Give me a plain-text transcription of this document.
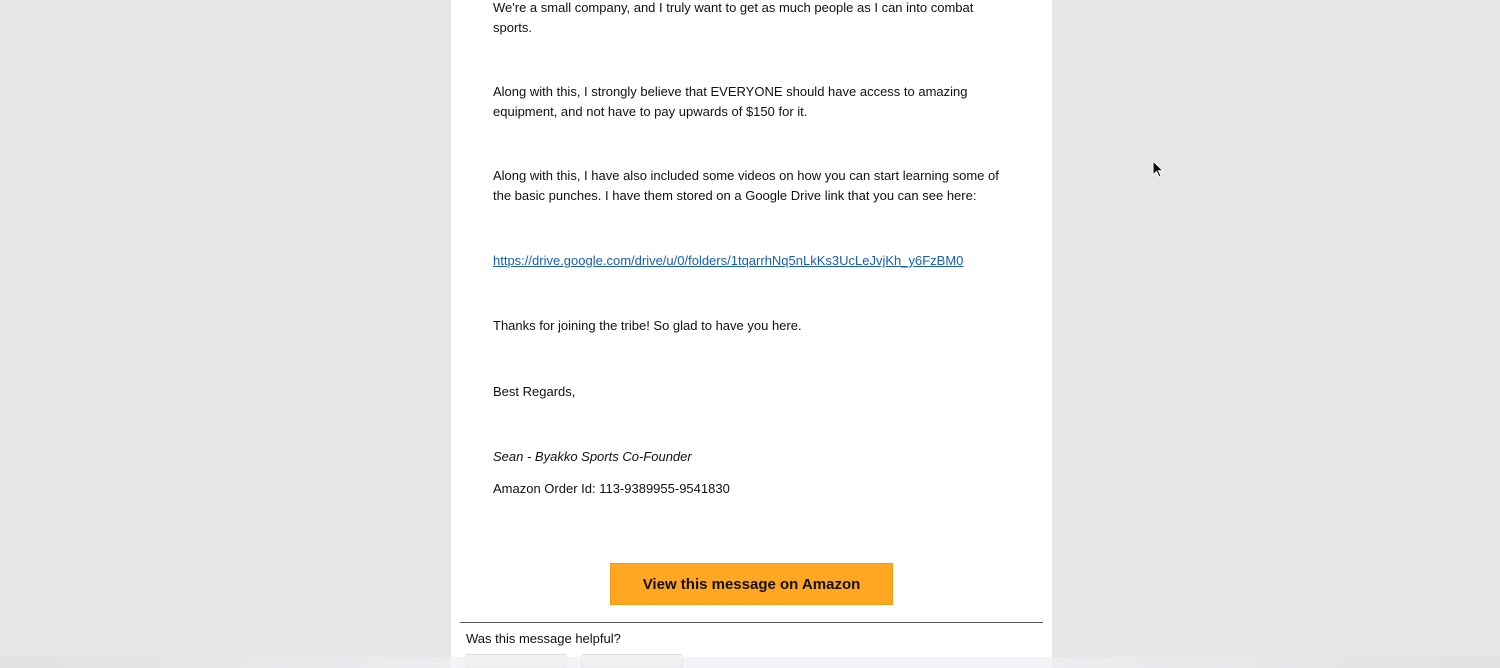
We're a small company, and I truly want to get as much people as I can into combat sports.

Along with this, I strongly believe that EVERYONE should have access to amazing equipment, and not have to pay upwards of $150 for it.

Along with this, I have also included some videos on how you can start learning some of the basic punches. I have them stored on a Google Drive link that you can see here:

https://drive.google.com/drive/u/0/folders/1tqarrhNq5nLkKs3UcLeJvjKh_y6FzBM0

Thanks for joining the tribe! So glad to have you here.

Best Regards,

Sean - Byakko Sports Co-Founder

Amazon Order Id: 113-9389955-9541830

View this message on Amazon
Was this message helpful?
